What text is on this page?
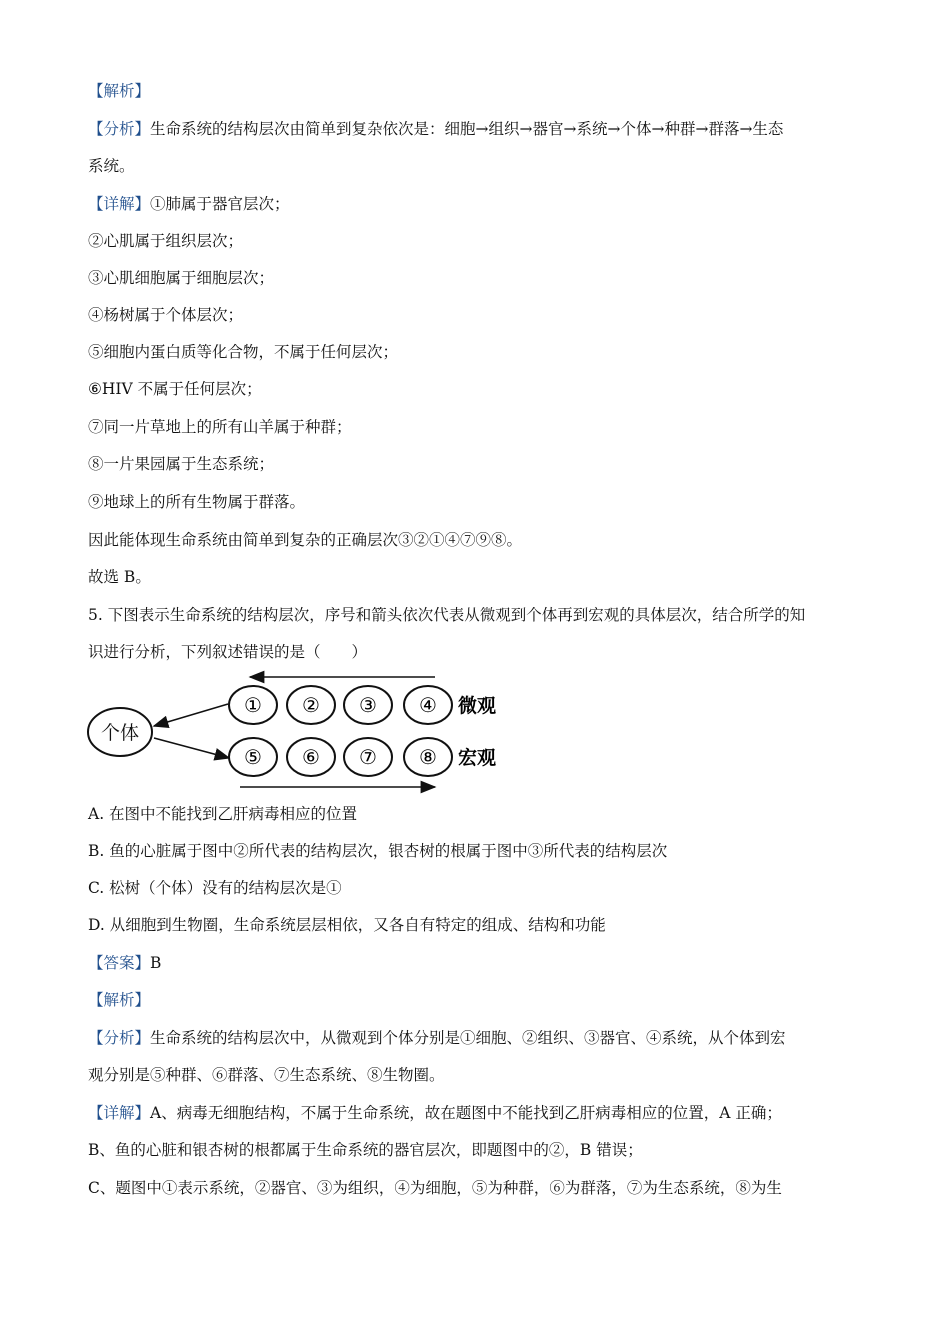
【解析】
【分析】生命系统的结构层次由简单到复杂依次是：细胞→组织→器官→系统→个体→种群→群落→生态
系统。
【详解】①肺属于器官层次；
②心肌属于组织层次；
③心肌细胞属于细胞层次；
④杨树属于个体层次；
⑤细胞内蛋白质等化合物，不属于任何层次；
⑥HIV 不属于任何层次；
⑦同一片草地上的所有山羊属于种群；
⑧一片果园属于生态系统；
⑨地球上的所有生物属于群落。
因此能体现生命系统由简单到复杂的正确层次③②①④⑦⑨⑧。
故选 B。
5. 下图表示生命系统的结构层次，序号和箭头依次代表从微观到个体再到宏观的具体层次，结合所学的知
识进行分析，下列叙述错误的是（　　）
个体
① ② ③ ④ 微观
⑤ ⑥ ⑦ ⑧ 宏观
A. 在图中不能找到乙肝病毒相应的位置
B. 鱼的心脏属于图中②所代表的结构层次，银杏树的根属于图中③所代表的结构层次
C. 松树（个体）没有的结构层次是①
D. 从细胞到生物圈，生命系统层层相依，又各自有特定的组成、结构和功能
【答案】B
【解析】
【分析】生命系统的结构层次中，从微观到个体分别是①细胞、②组织、③器官、④系统，从个体到宏
观分别是⑤种群、⑥群落、⑦生态系统、⑧生物圈。
【详解】A、病毒无细胞结构，不属于生命系统，故在题图中不能找到乙肝病毒相应的位置，A 正确；
B、鱼的心脏和银杏树的根都属于生命系统的器官层次，即题图中的②，B 错误；
C、题图中①表示系统，②器官、③为组织，④为细胞，⑤为种群，⑥为群落，⑦为生态系统，⑧为生
